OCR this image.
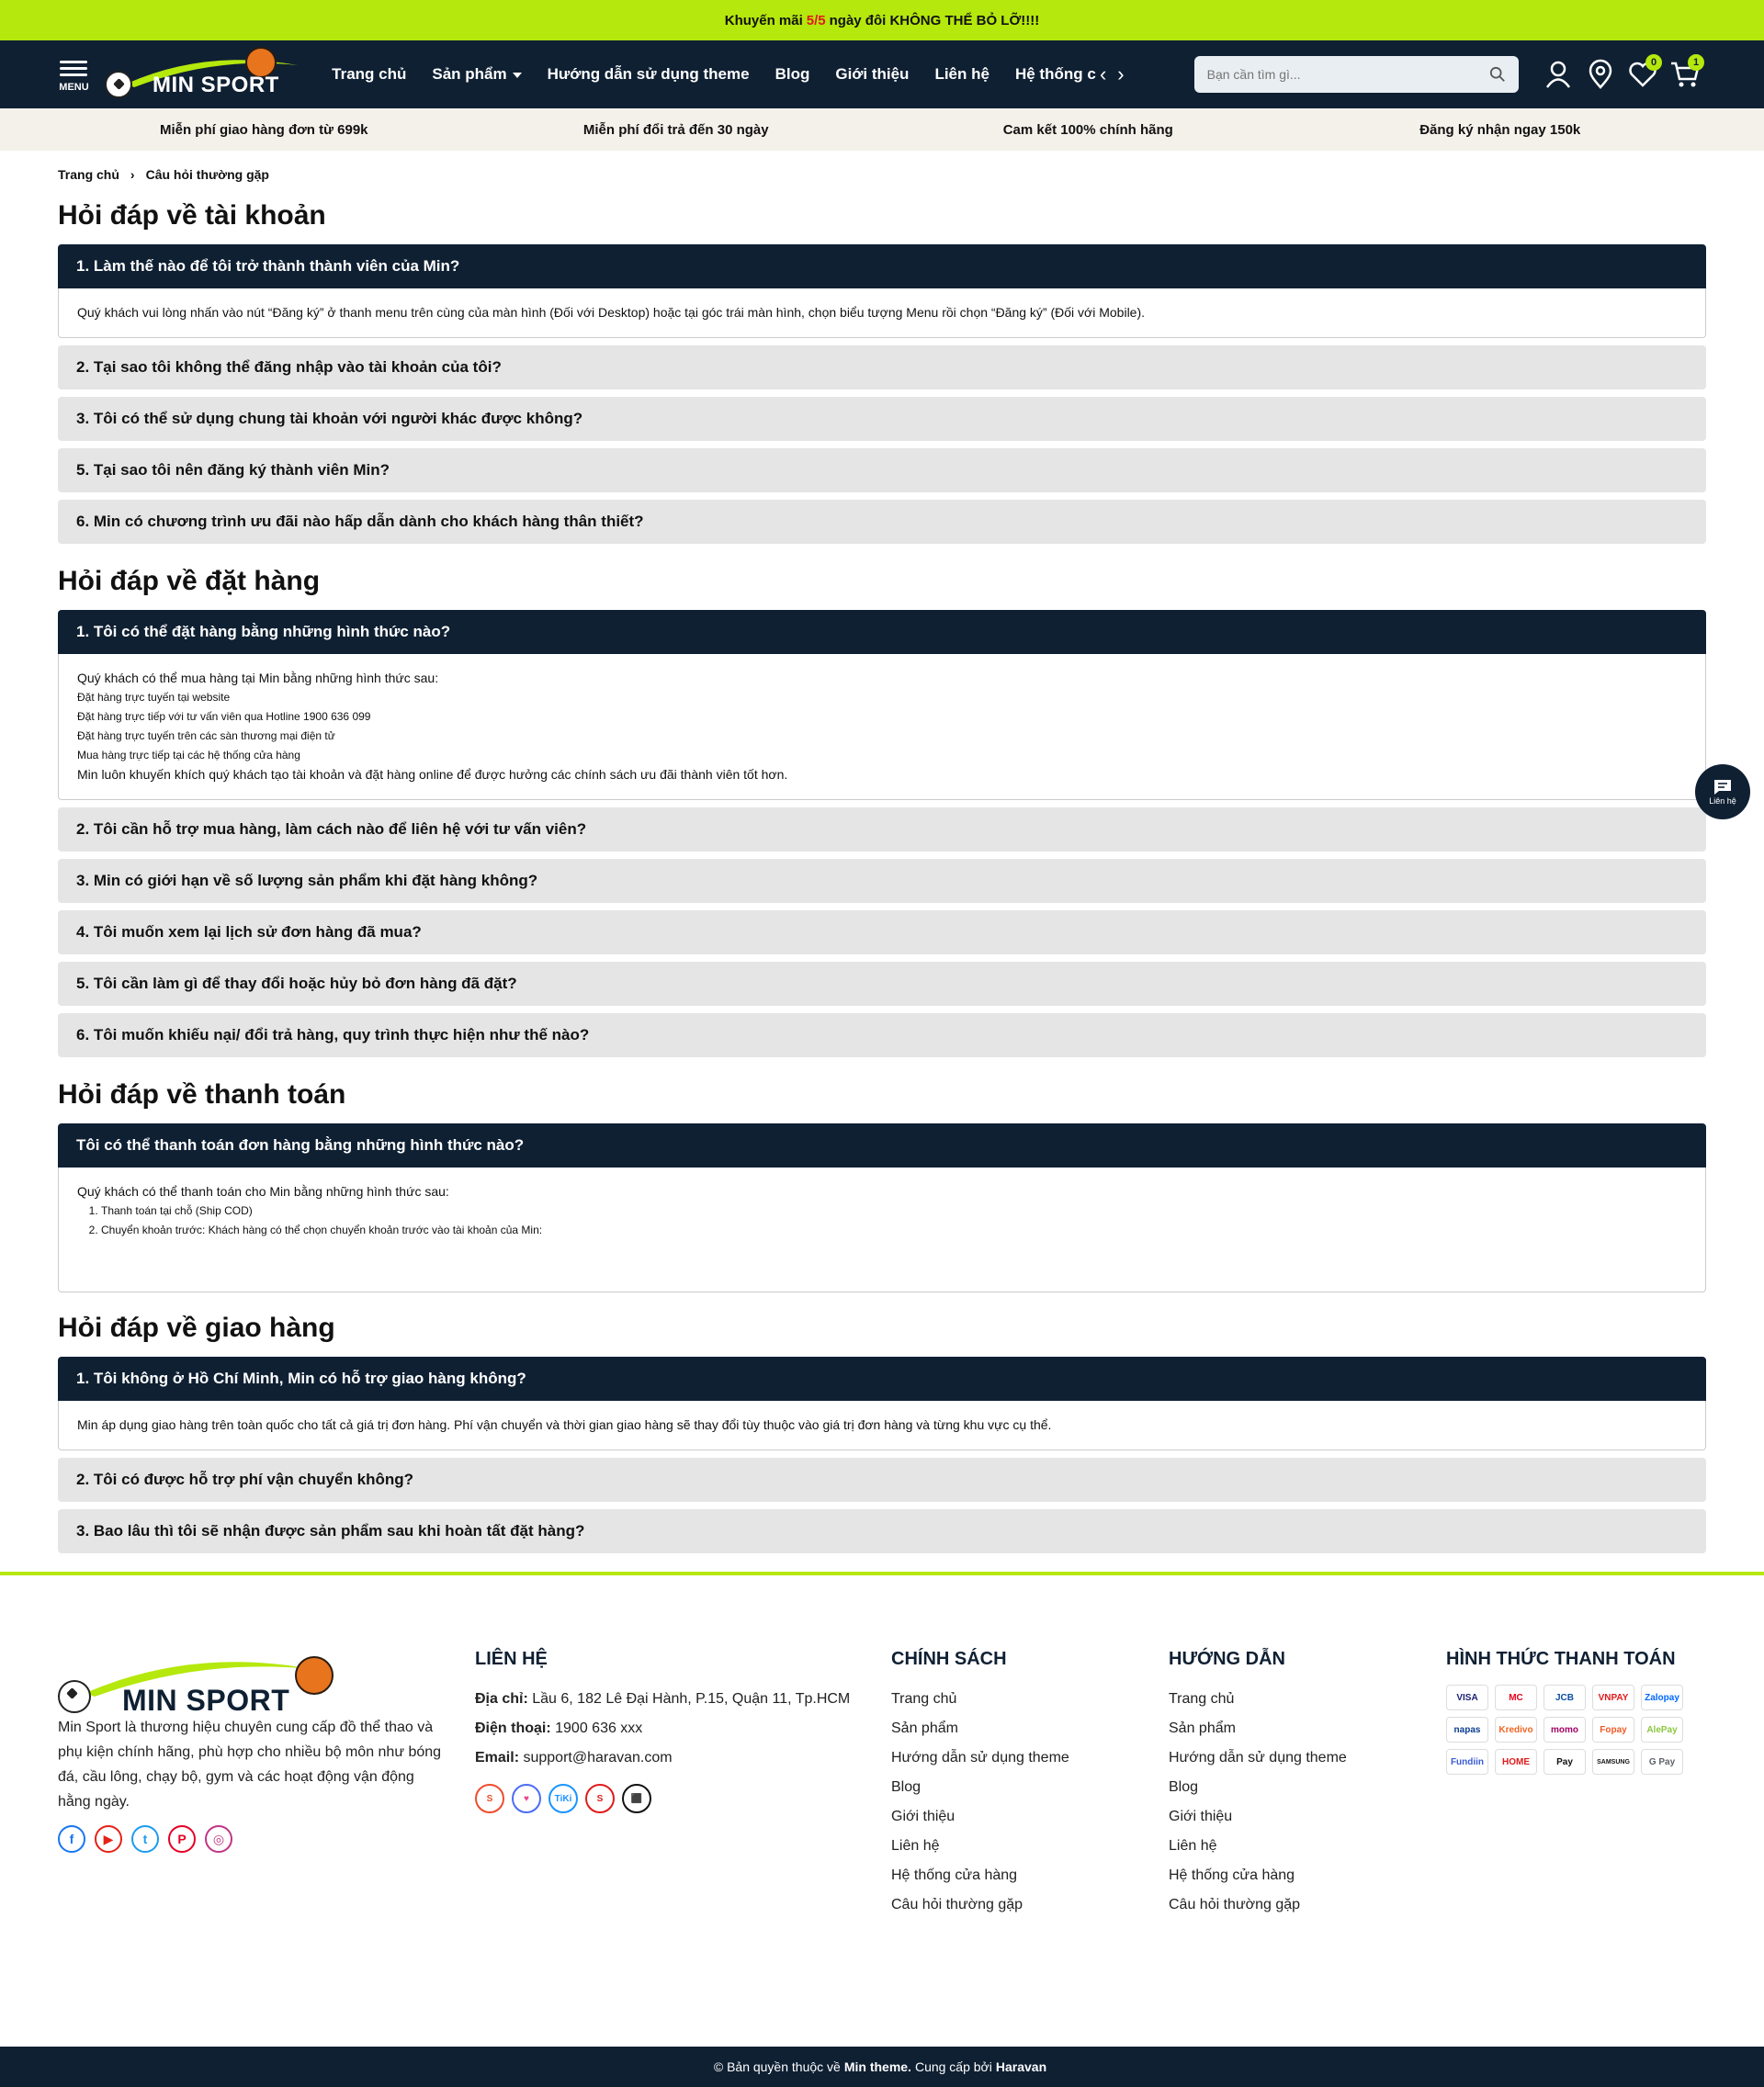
Khuyến mãi 5/5 ngày đôi KHÔNG THỂ BỎ LỠ!!!!
MENU	MIN SPORT	Trang chủ Sản phẩm	Hướng dẫn sử dụng theme Blog Giới thiệu Liên hệ Hệ thống c ‹ ›
Bạn cần tìm gì...	0	1
Miễn phí giao hàng đơn từ 699k	Miễn phí đổi trả đến 30 ngày	Cam kết 100% chính hãng	Đăng ký nhận ngay 150k
Trang chủ › Câu hỏi thường gặp
Hỏi đáp về tài khoản
1. Làm thế nào để tôi trở thành thành viên của Min?
Quý khách vui lòng nhấn vào nút “Đăng ký” ở thanh menu trên cùng của màn hình (Đối với Desktop) hoặc tại góc trái màn hình, chọn biểu tượng Menu rồi chọn “Đăng ký” (Đối với Mobile).
2. Tại sao tôi không thể đăng nhập vào tài khoản của tôi?
3. Tôi có thể sử dụng chung tài khoản với người khác được không?
5. Tại sao tôi nên đăng ký thành viên Min?
6. Min có chương trình ưu đãi nào hấp dẫn dành cho khách hàng thân thiết?
Hỏi đáp về đặt hàng
1. Tôi có thể đặt hàng bằng những hình thức nào?
Quý khách có thể mua hàng tại Min bằng những hình thức sau:
Đặt hàng trực tuyến tại website
Đặt hàng trực tiếp với tư vấn viên qua Hotline 1900 636 099
Đặt hàng trực tuyến trên các sàn thương mại điện tử
Mua hàng trực tiếp tại các hệ thống cửa hàng
Min luôn khuyến khích quý khách tạo tài khoản và đặt hàng online để được hưởng các chính sách ưu đãi thành viên tốt hơn.
2. Tôi cần hỗ trợ mua hàng, làm cách nào để liên hệ với tư vấn viên?
3. Min có giới hạn về số lượng sản phẩm khi đặt hàng không?
4. Tôi muốn xem lại lịch sử đơn hàng đã mua?
5. Tôi cần làm gì để thay đổi hoặc hủy bỏ đơn hàng đã đặt?
6. Tôi muốn khiếu nại/ đổi trả hàng, quy trình thực hiện như thế nào?
Hỏi đáp về thanh toán
Tôi có thể thanh toán đơn hàng bằng những hình thức nào?
Quý khách có thể thanh toán cho Min bằng những hình thức sau:
1. Thanh toán tại chỗ (Ship COD)
2. Chuyển khoản trước: Khách hàng có thể chọn chuyển khoản trước vào tài khoản của Min:
Hỏi đáp về giao hàng
1. Tôi không ở Hồ Chí Minh, Min có hỗ trợ giao hàng không?
Min áp dụng giao hàng trên toàn quốc cho tất cả giá trị đơn hàng. Phí vận chuyển và thời gian giao hàng sẽ thay đổi tùy thuộc vào giá trị đơn hàng và từng khu vực cụ thể.
2. Tôi có được hỗ trợ phí vận chuyển không?
3. Bao lâu thì tôi sẽ nhận được sản phẩm sau khi hoàn tất đặt hàng?
Liên hệ
MIN SPORT

Min Sport là thương hiệu chuyên cung cấp đồ thể thao và phụ kiện chính hãng, phù hợp cho nhiều bộ môn như bóng đá, cầu lông, chạy bộ, gym và các hoạt động vận động hằng ngày.

f	▶	t	P	◎
LIÊN HỆ

Địa chỉ: Lầu 6, 182 Lê Đại Hành, P.15, Quận 11, Tp.HCM

Điện thoại: 1900 636 xxx

Email: support@haravan.com

S	♥	TiKi	S	⬛
CHÍNH SÁCH
Trang chủ
Sản phẩm
Hướng dẫn sử dụng theme
Blog
Giới thiệu
Liên hệ
Hệ thống cửa hàng
Câu hỏi thường gặp
HƯỚNG DẪN
Trang chủ
Sản phẩm
Hướng dẫn sử dụng theme
Blog
Giới thiệu
Liên hệ
Hệ thống cửa hàng
Câu hỏi thường gặp
HÌNH THỨC THANH TOÁN
VISA	MC	JCB	VNPAY	Zalopay
napas	Kredivo	momo	Fopay	AlePay
Fundiin	HOME	Pay	SAMSUNG	G Pay
© Bản quyền thuộc về Min theme. Cung cấp bởi Haravan
